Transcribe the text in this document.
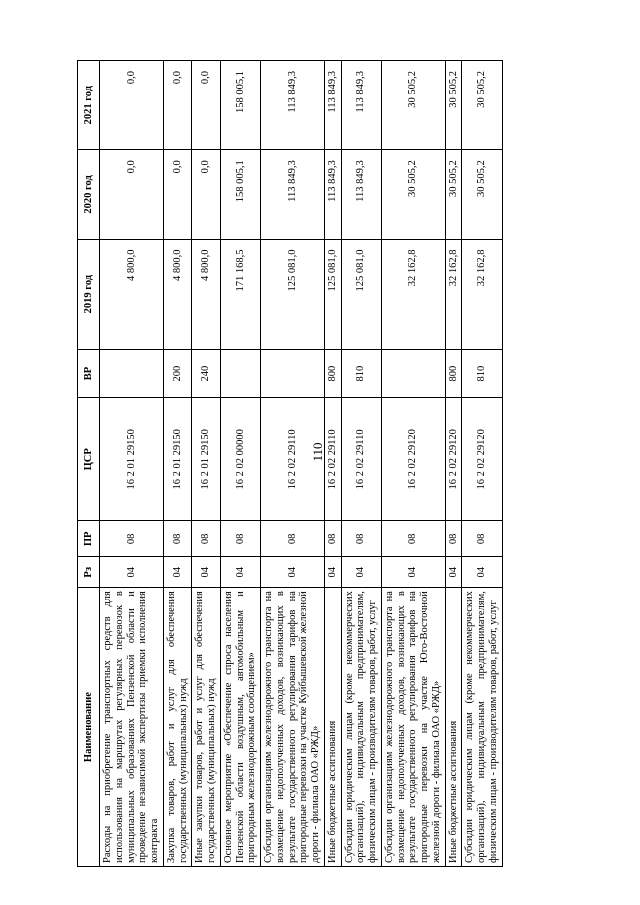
110
Наименование	Рз	ПР	ЦСР	ВР	2019 год	2020 год	2021 год
Расходы на приобретение транспортных средств для использования на маршрутах регулярных перевозок в муниципальных образованиях Пензенской области и проведение независимой экспертизы приемки исполнения контракта	04	08	16 2 01 29150		4 800,0	0,0	0,0
Закупка товаров, работ и услуг для обеспечения государственных (муниципальных) нужд	04	08	16 2 01 29150	200	4 800,0	0,0	0,0
Иные закупки товаров, работ и услуг для обеспечения государственных (муниципальных) нужд	04	08	16 2 01 29150	240	4 800,0	0,0	0,0
Основное мероприятие «Обеспечение спроса населения Пензенской области воздушным, автомобильным и пригородным железнодорожным сообщением»	04	08	16 2 02 00000		171 168,5	158 005,1	158 005,1
Субсидии организациям железнодорожного транспорта на возмещение недополученных доходов, возникающих в результате государственного регулирования тарифов на пригородные перевозки на участке Куйбышевской железной дороги - филиала ОАО «РЖД»	04	08	16 2 02 29110		125 081,0	113 849,3	113 849,3
Иные бюджетные ассигнования	04	08	16 2 02 29110	800	125 081,0	113 849,3	113 849,3
Субсидии юридическим лицам (кроме некоммерческих организаций), индивидуальным предпринимателям, физическим лицам - производителям товаров, работ, услуг	04	08	16 2 02 29110	810	125 081,0	113 849,3	113 849,3
Субсидии организациям железнодорожного транспорта на возмещение недополученных доходов, возникающих в результате государственного регулирования тарифов на пригородные перевозки на участке Юго-Восточной железной дороги - филиала ОАО «РЖД»	04	08	16 2 02 29120		32 162,8	30 505,2	30 505,2
Иные бюджетные ассигнования	04	08	16 2 02 29120	800	32 162,8	30 505,2	30 505,2
Субсидии юридическим лицам (кроме некоммерческих организаций), индивидуальным предпринимателям, физическим лицам - производителям товаров, работ, услуг	04	08	16 2 02 29120	810	32 162,8	30 505,2	30 505,2
